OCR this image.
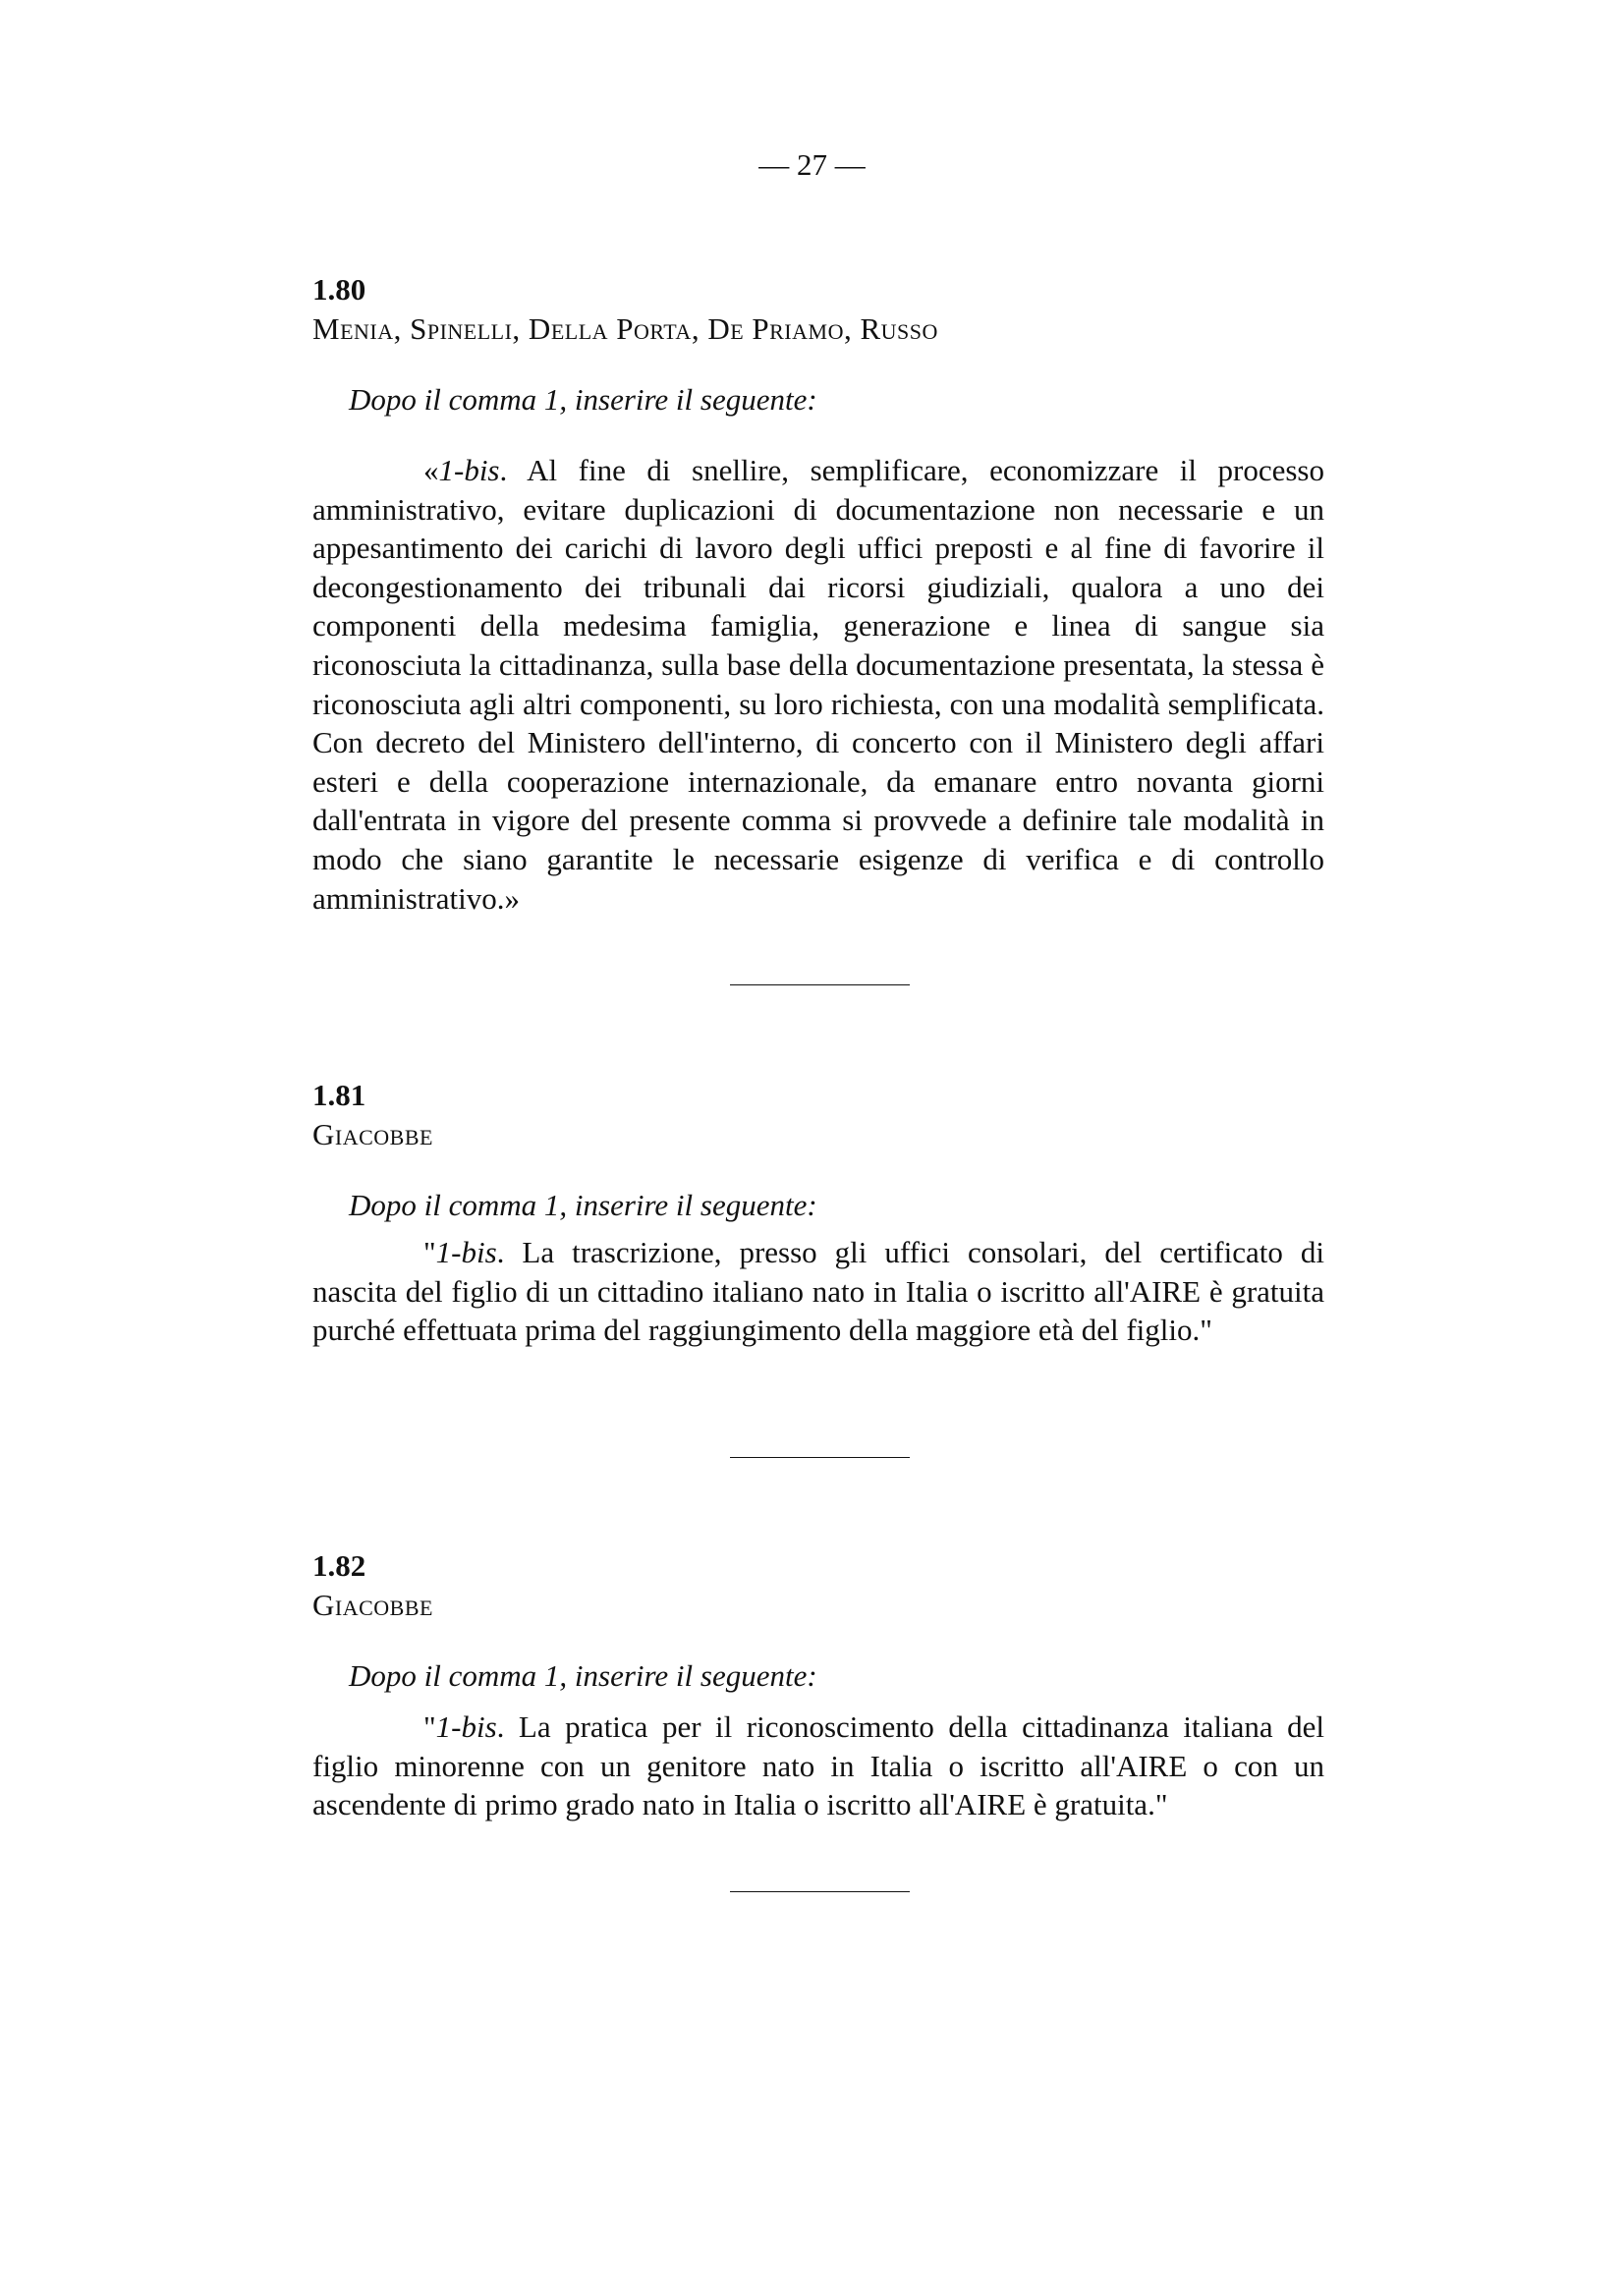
— 27 —
1.80
Menia, Spinelli, Della Porta, De Priamo, Russo
Dopo il comma 1, inserire il seguente:

«1-bis. Al fine di snellire, semplificare, economizzare il processo amministrativo, evitare duplicazioni di documentazione non necessarie e un appesantimento dei carichi di lavoro degli uffici preposti e al fine di favorire il decongestionamento dei tribunali dai ricorsi giudiziali, qualora a uno dei componenti della medesima famiglia, generazione e linea di sangue sia riconosciuta la cittadinanza, sulla base della documentazione presentata, la stessa è riconosciuta agli altri componenti, su loro richiesta, con una modalità semplificata. Con decreto del Ministero dell'interno, di concerto con il Ministero degli affari esteri e della cooperazione internazionale, da emanare entro novanta giorni dall'entrata in vigore del presente comma si provvede a definire tale modalità in modo che siano garantite le necessarie esigenze di verifica e di controllo amministrativo.»

1.81
Giacobbe
Dopo il comma 1, inserire il seguente:

"1-bis. La trascrizione, presso gli uffici consolari, del certificato di nascita del figlio di un cittadino italiano nato in Italia o iscritto all'AIRE è gratuita purché effettuata prima del raggiungimento della maggiore età del figlio."

1.82
Giacobbe
Dopo il comma 1, inserire il seguente:

"1-bis. La pratica per il riconoscimento della cittadinanza italiana del figlio minorenne con un genitore nato in Italia o iscritto all'AIRE o con un ascendente di primo grado nato in Italia o iscritto all'AIRE è gratuita."
